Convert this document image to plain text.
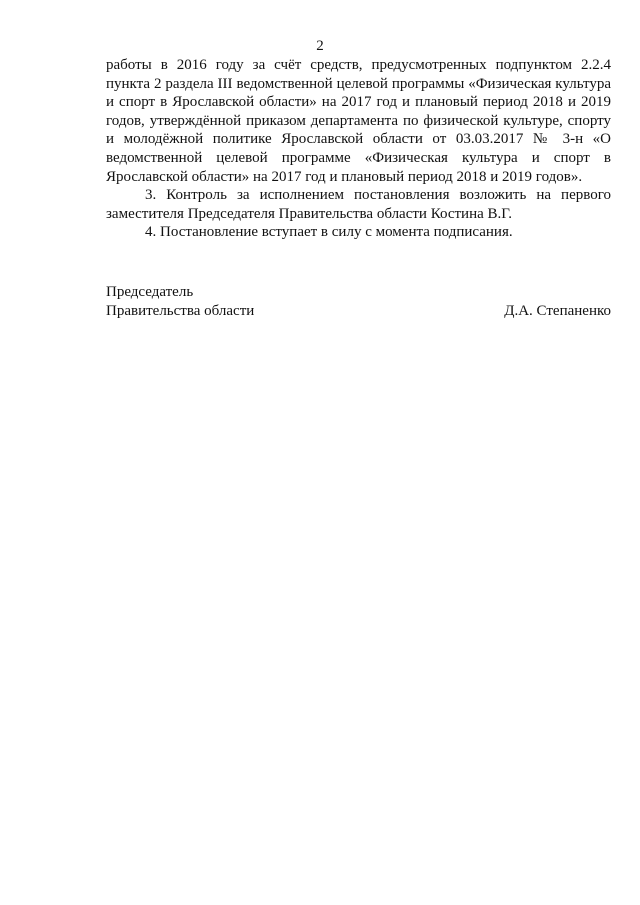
2

работы в 2016 году за счёт средств, предусмотренных подпунктом 2.2.4 пункта 2 раздела III ведомственной целевой программы «Физическая культура и спорт в Ярославской области» на 2017 год и плановый период 2018 и 2019 годов, утверждённой приказом департамента по физической культуре, спорту и молодёжной политике Ярославской области от 03.03.2017 № 3-н «О ведомственной целевой программе «Физическая культура и спорт в Ярославской области» на 2017 год и плановый период 2018 и 2019 годов».

3. Контроль за исполнением постановления возложить на первого заместителя Председателя Правительства области Костина В.Г.

4. Постановление вступает в силу с момента подписания.

Председатель
Правительства области	Д.А. Степаненко
